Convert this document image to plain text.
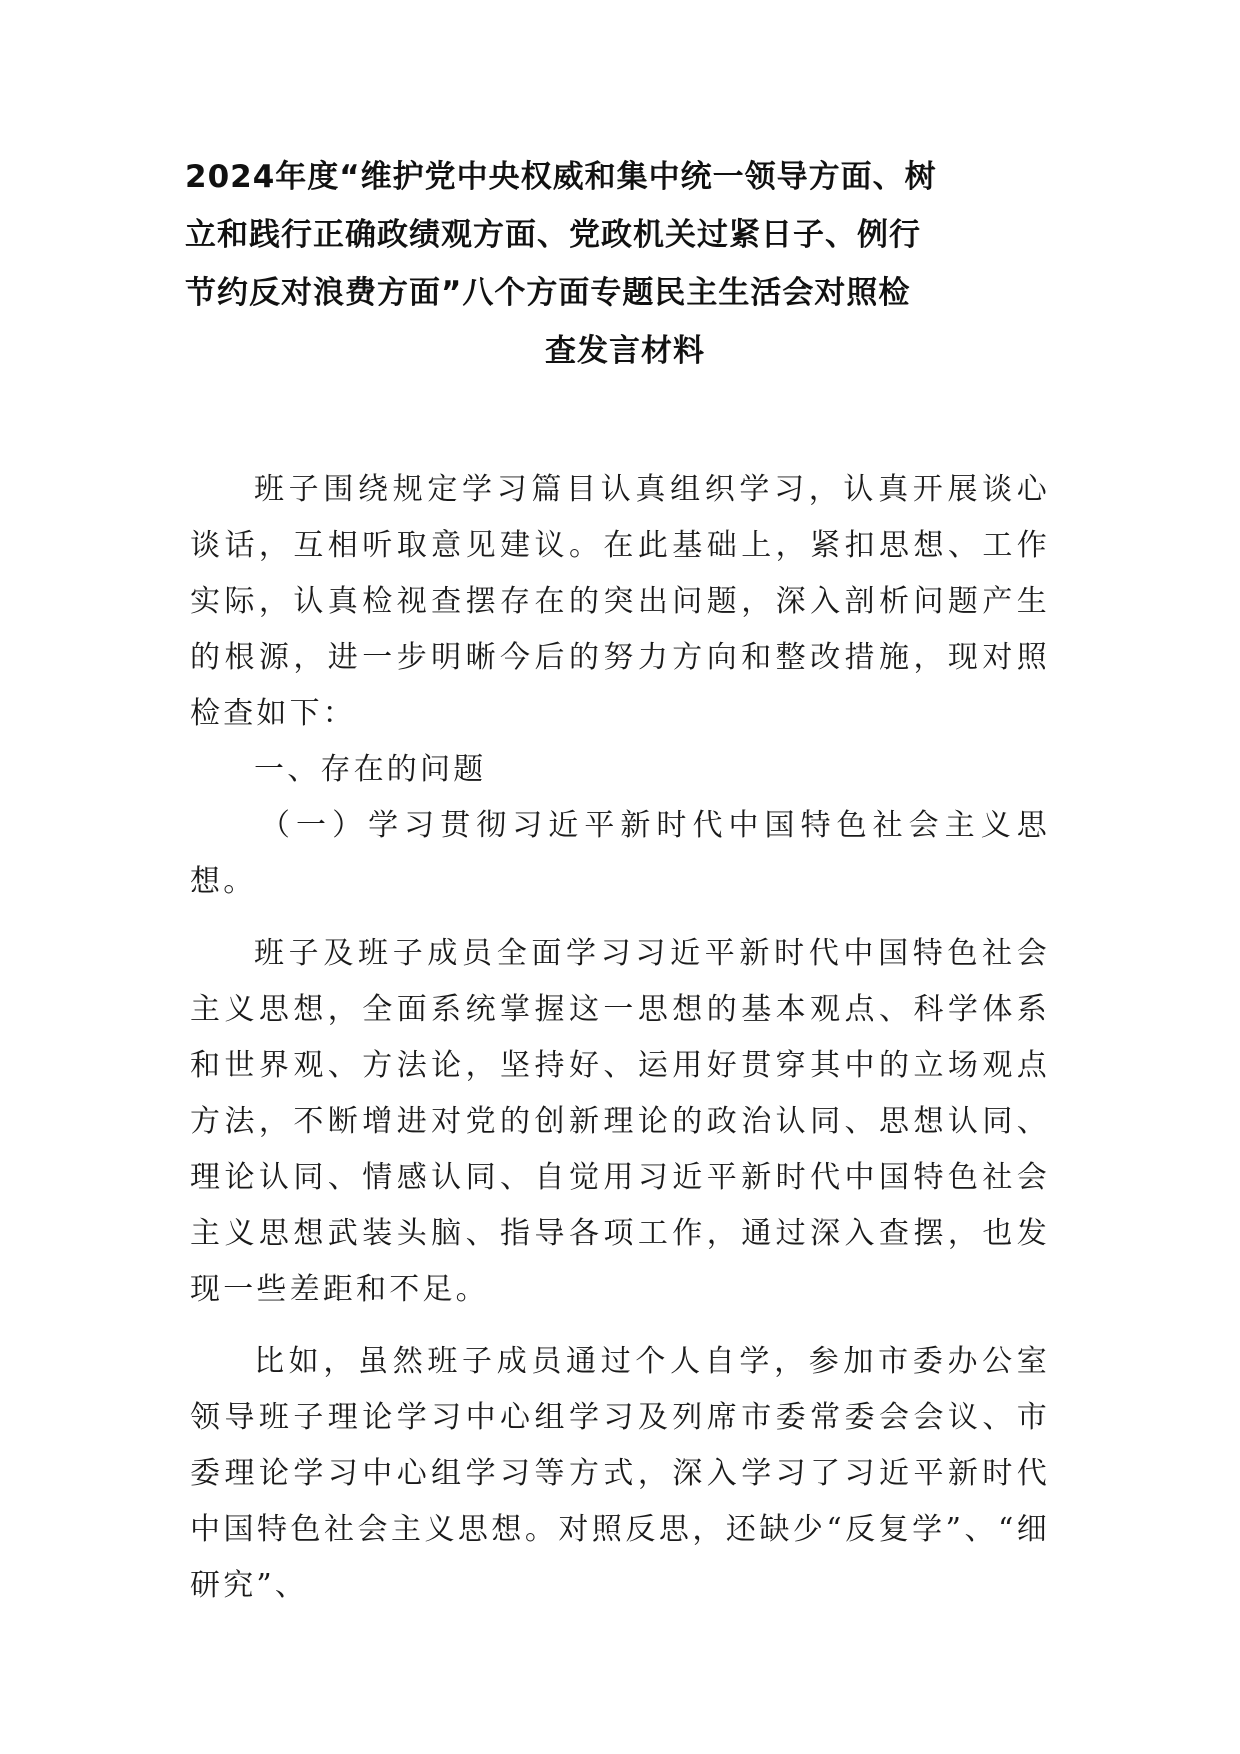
2024年度“维护党中央权威和集中统一领导方面、树
立和践行正确政绩观方面、党政机关过紧日子、例行
节约反对浪费方面”八个方面专题民主生活会对照检
查发言材料

班子围绕规定学习篇目认真组织学习，认真开展谈心谈话，互相听取意见建议。在此基础上，紧扣思想、工作实际，认真检视查摆存在的突出问题，深入剖析问题产生的根源，进一步明晰今后的努力方向和整改措施，现对照检查如下：

一、存在的问题

（一）学习贯彻习近平新时代中国特色社会主义思想。

班子及班子成员全面学习习近平新时代中国特色社会主义思想，全面系统掌握这一思想的基本观点、科学体系和世界观、方法论，坚持好、运用好贯穿其中的立场观点方法，不断增进对党的创新理论的政治认同、思想认同、理论认同、情感认同、自觉用习近平新时代中国特色社会主义思想武装头脑、指导各项工作，通过深入查摆，也发现一些差距和不足。

比如，虽然班子成员通过个人自学，参加市委办公室领导班子理论学习中心组学习及列席市委常委会会议、市委理论学习中心组学习等方式，深入学习了习近平新时代中国特色社会主义思想。对照反思，还缺少“反复学”、“细研究”、
